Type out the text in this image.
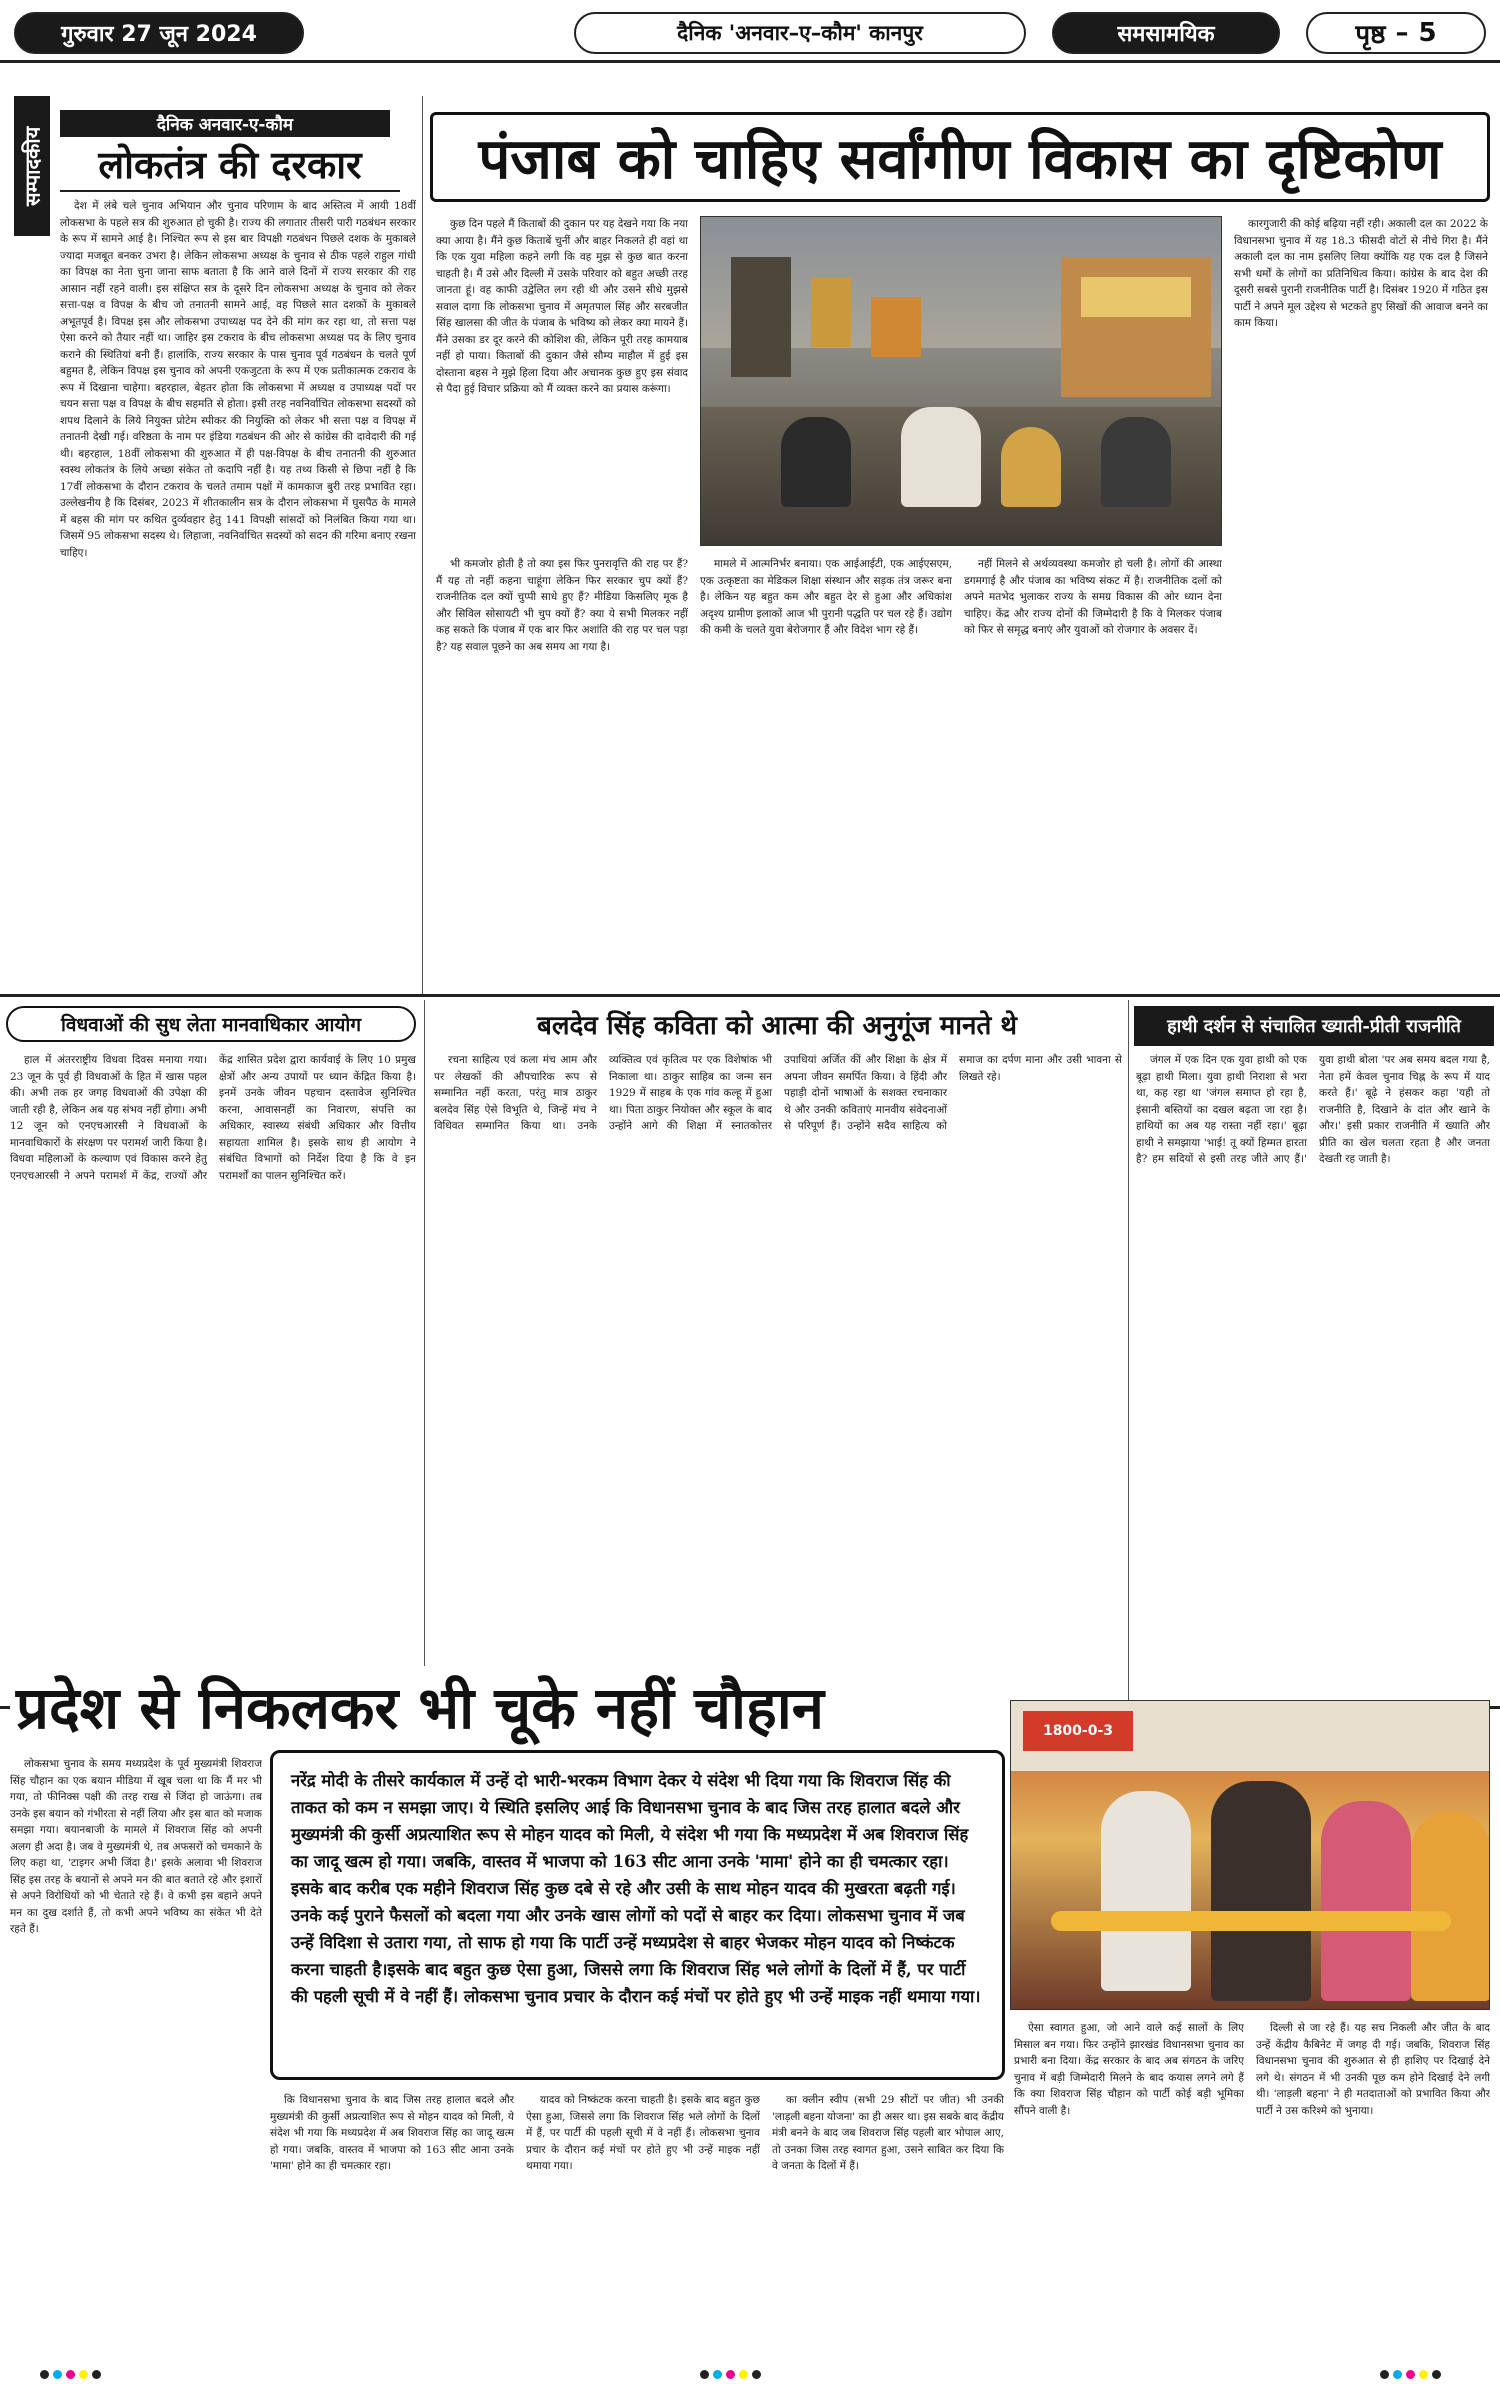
गुरुवार 27 जून 2024	दैनिक 'अनवार–ए–कौम' कानपुर	समसामयिक	पृष्ठ – 5
सम्पादकीय
दैनिक अनवार-ए-कौम
लोकतंत्र की दरकार

देश में लंबे चले चुनाव अभियान और चुनाव परिणाम के बाद अस्तित्व में आयी 18वीं लोकसभा के पहले सत्र की शुरुआत हो चुकी है। राज्य की लगातार तीसरी पारी गठबंधन सरकार के रूप में सामने आई है। निश्चित रूप से इस बार विपक्षी गठबंधन पिछले दशक के मुकाबले ज्यादा मजबूत बनकर उभरा है। लेकिन लोकसभा अध्यक्ष के चुनाव से ठीक पहले राहुल गांधी का विपक्ष का नेता चुना जाना साफ बताता है कि आने वाले दिनों में राज्य सरकार की राह आसान नहीं रहने वाली। इस संक्षिप्त सत्र के दूसरे दिन लोकसभा अध्यक्ष के चुनाव को लेकर सत्ता-पक्ष व विपक्ष के बीच जो तनातनी सामने आई, वह पिछले सात दशकों के मुकाबले अभूतपूर्व है। विपक्ष इस और लोकसभा उपाध्यक्ष पद देने की मांग कर रहा था, तो सत्ता पक्ष ऐसा करने को तैयार नहीं था। जाहिर इस टकराव के बीच लोकसभा अध्यक्ष पद के लिए चुनाव कराने की स्थितियां बनी हैं। हालांकि, राज्य सरकार के पास चुनाव पूर्व गठबंधन के चलते पूर्ण बहुमत है, लेकिन विपक्ष इस चुनाव को अपनी एकजुटता के रूप में एक प्रतीकात्मक टकराव के रूप में दिखाना चाहेगा। बहरहाल, बेहतर होता कि लोकसभा में अध्यक्ष व उपाध्यक्ष पदों पर चयन सत्ता पक्ष व विपक्ष के बीच सहमति से होता। इसी तरह नवनिर्वाचित लोकसभा सदस्यों को शपथ दिलाने के लिये नियुक्त प्रोटेम स्पीकर की नियुक्ति को लेकर भी सत्ता पक्ष व विपक्ष में तनातनी देखी गई। वरिष्ठता के नाम पर इंडिया गठबंधन की ओर से कांग्रेस की दावेदारी की गई थी। बहरहाल, 18वीं लोकसभा की शुरुआत में ही पक्ष-विपक्ष के बीच तनातनी की शुरुआत स्वस्थ लोकतंत्र के लिये अच्छा संकेत तो कदापि नहीं है। यह तथ्य किसी से छिपा नहीं है कि 17वीं लोकसभा के दौरान टकराव के चलते तमाम पक्षों में कामकाज बुरी तरह प्रभावित रहा। उल्लेखनीय है कि दिसंबर, 2023 में शीतकालीन सत्र के दौरान लोकसभा में घुसपैठ के मामले में बहस की मांग पर कथित दुर्व्यवहार हेतु 141 विपक्षी सांसदों को निलंबित किया गया था। जिसमें 95 लोकसभा सदस्य थे। लिहाजा, नवनिर्वाचित सदस्यों को सदन की गरिमा बनाए रखना चाहिए।

पंजाब को चाहिए सर्वांगीण विकास का दृष्टिकोण

कुछ दिन पहले मैं किताबों की दुकान पर यह देखने गया कि नया क्या आया है। मैंने कुछ किताबें चुनीं और बाहर निकलते ही वहां था कि एक युवा महिला कहने लगी कि वह मुझ से कुछ बात करना चाहती है। मैं उसे और दिल्ली में उसके परिवार को बहुत अच्छी तरह जानता हूं। वह काफी उद्वेलित लग रही थी और उसने सीधे मुझसे सवाल दागा कि लोकसभा चुनाव में अमृतपाल सिंह और सरबजीत सिंह खालसा की जीत के पंजाब के भविष्य को लेकर क्या मायने हैं। मैंने उसका डर दूर करने की कोशिश की, लेकिन पूरी तरह कामयाब नहीं हो पाया। किताबों की दुकान जैसे सौम्य माहौल में हुई इस दोस्ताना बहस ने मुझे हिला दिया और अचानक कुछ हुए इस संवाद से पैदा हुई विचार प्रक्रिया को मैं व्यक्त करने का प्रयास करूंगा।

कारगुजारी की कोई बढ़िया नहीं रही। अकाली दल का 2022 के विधानसभा चुनाव में यह 18.3 फीसदी वोटों से नीचे गिरा है। मैंने अकाली दल का नाम इसलिए लिया क्योंकि यह एक दल है जिसने सभी धर्मों के लोगों का प्रतिनिधित्व किया। कांग्रेस के बाद देश की दूसरी सबसे पुरानी राजनीतिक पार्टी है। दिसंबर 1920 में गठित इस पार्टी ने अपने मूल उद्देश्य से भटकते हुए सिखों की आवाज बनने का काम किया।

भी कमजोर होती है तो क्या इस फिर पुनरावृत्ति की राह पर हैं? मैं यह तो नहीं कहना चाहूंगा लेकिन फिर सरकार चुप क्यों हैं? राजनीतिक दल क्यों चुप्पी साधे हुए हैं? मीडिया किसलिए मूक है और सिविल सोसायटी भी चुप क्यों हैं? क्या ये सभी मिलकर नहीं कह सकते कि पंजाब में एक बार फिर अशांति की राह पर चल पड़ा है? यह सवाल पूछने का अब समय आ गया है।

मामले में आत्मनिर्भर बनाया। एक आईआईटी, एक आईएसएम, एक उत्कृष्टता का मेडिकल शिक्षा संस्थान और सड़क तंत्र जरूर बना है। लेकिन यह बहुत कम और बहुत देर से हुआ और अधिकांश अदृश्य ग्रामीण इलाकों आज भी पुरानी पद्धति पर चल रहे हैं। उद्योग की कमी के चलते युवा बेरोजगार हैं और विदेश भाग रहे हैं।

नहीं मिलने से अर्थव्यवस्था कमजोर हो चली है। लोगों की आस्था डगमगाई है और पंजाब का भविष्य संकट में है। राजनीतिक दलों को अपने मतभेद भुलाकर राज्य के समग्र विकास की ओर ध्यान देना चाहिए। केंद्र और राज्य दोनों की जिम्मेदारी है कि वे मिलकर पंजाब को फिर से समृद्ध बनाएं और युवाओं को रोजगार के अवसर दें।

विधवाओं की सुध लेता मानवाधिकार आयोग

हाल में अंतरराष्ट्रीय विधवा दिवस मनाया गया। 23 जून के पूर्व ही विधवाओं के हित में खास पहल की। अभी तक हर जगह विधवाओं की उपेक्षा की जाती रही है, लेकिन अब यह संभव नहीं होगा। अभी 12 जून को एनएचआरसी ने विधवाओं के मानवाधिकारों के संरक्षण पर परामर्श जारी किया है। विधवा महिलाओं के कल्याण एवं विकास करने हेतु एनएचआरसी ने अपने परामर्श में केंद्र, राज्यों और केंद्र शासित प्रदेश द्वारा कार्यवाई के लिए 10 प्रमुख क्षेत्रों और अन्य उपायों पर ध्यान केंद्रित किया है। इनमें उनके जीवन पहचान दस्तावेज सुनिश्चित करना, आवासनहीं का निवारण, संपत्ति का अधिकार, स्वास्थ्य संबंधी अधिकार और वित्तीय सहायता शामिल है। इसके साथ ही आयोग ने संबंधित विभागों को निर्देश दिया है कि वे इन परामर्शों का पालन सुनिश्चित करें।

बलदेव सिंह कविता को आत्मा की अनुगूंज मानते थे

रचना साहित्य एवं कला मंच आम और पर लेखकों की औपचारिक रूप से सम्मानित नहीं करता, परंतु मात्र ठाकुर बलदेव सिंह ऐसे विभूति थे, जिन्हें मंच ने विधिवत सम्मानित किया था। उनके व्यक्तित्व एवं कृतित्व पर एक विशेषांक भी निकाला था। ठाकुर साहिब का जन्म सन 1929 में साहब के एक गांव कल्हू में हुआ था। पिता ठाकुर नियोक्त और स्कूल के बाद उन्होंने आगे की शिक्षा में स्नातकोत्तर उपाधियां अर्जित कीं और शिक्षा के क्षेत्र में अपना जीवन समर्पित किया। वे हिंदी और पहाड़ी दोनों भाषाओं के सशक्त रचनाकार थे और उनकी कविताएं मानवीय संवेदनाओं से परिपूर्ण हैं। उन्होंने सदैव साहित्य को समाज का दर्पण माना और उसी भावना से लिखते रहे।

हाथी दर्शन से संचालित ख्याती-प्रीती राजनीति

जंगल में एक दिन एक युवा हाथी को एक बूढ़ा हाथी मिला। युवा हाथी निराशा से भरा था, कह रहा था 'जंगल समाप्त हो रहा है, इंसानी बस्तियों का दखल बढ़ता जा रहा है। हाथियों का अब यह रास्ता नहीं रहा।' बूढ़ा हाथी ने समझाया 'भाई! तू क्यों हिम्मत हारता है? हम सदियों से इसी तरह जीते आए हैं।' युवा हाथी बोला 'पर अब समय बदल गया है, नेता हमें केवल चुनाव चिह्न के रूप में याद करते हैं।' बूढ़े ने हंसकर कहा 'यही तो राजनीति है, दिखाने के दांत और खाने के और।' इसी प्रकार राजनीति में ख्याति और प्रीति का खेल चलता रहता है और जनता देखती रह जाती है।

प्रदेश से निकलकर भी चूके नहीं चौहान

लोकसभा चुनाव के समय मध्यप्रदेश के पूर्व मुख्यमंत्री शिवराज सिंह चौहान का एक बयान मीडिया में खूब चला था कि मैं मर भी गया, तो फीनिक्स पक्षी की तरह राख से जिंदा हो जाऊंगा। तब उनके इस बयान को गंभीरता से नहीं लिया और इस बात को मजाक समझा गया। बयानबाजी के मामले में शिवराज सिंह को अपनी अलग ही अदा है। जब वे मुख्यमंत्री थे, तब अफसरों को चमकाने के लिए कहा था, 'टाइगर अभी जिंदा है।' इसके अलावा भी शिवराज सिंह इस तरह के बयानों से अपने मन की बात बताते रहे और इशारों से अपने विरोधियों को भी चेताते रहे हैं। वे कभी इस बहाने अपने मन का दुख दर्शाते हैं, तो कभी अपने भविष्य का संकेत भी देते रहते हैं।

नरेंद्र मोदी के तीसरे कार्यकाल में उन्हें दो भारी-भरकम विभाग देकर ये संदेश भी दिया गया कि शिवराज सिंह की ताकत को कम न समझा जाए। ये स्थिति इसलिए आई कि विधानसभा चुनाव के बाद जिस तरह हालात बदले और मुख्यमंत्री की कुर्सी अप्रत्याशित रूप से मोहन यादव को मिली, ये संदेश भी गया कि मध्यप्रदेश में अब शिवराज सिंह का जादू खत्म हो गया। जबकि, वास्तव में भाजपा को 163 सीट आना उनके 'मामा' होने का ही चमत्कार रहा। इसके बाद करीब एक महीने शिवराज सिंह कुछ दबे से रहे और उसी के साथ मोहन यादव की मुखरता बढ़ती गई। उनके कई पुराने फैसलों को बदला गया और उनके खास लोगों को पदों से बाहर कर दिया। लोकसभा चुनाव में जब उन्हें विदिशा से उतारा गया, तो साफ हो गया कि पार्टी उन्हें मध्यप्रदेश से बाहर भेजकर मोहन यादव को निष्कंटक करना चाहती है।इसके बाद बहुत कुछ ऐसा हुआ, जिससे लगा कि शिवराज सिंह भले लोगों के दिलों में हैं, पर पार्टी की पहली सूची में वे नहीं हैं। लोकसभा चुनाव प्रचार के दौरान कई मंचों पर होते हुए भी उन्हें माइक नहीं थमाया गया।
1800-0-3

कि विधानसभा चुनाव के बाद जिस तरह हालात बदले और मुख्यमंत्री की कुर्सी अप्रत्याशित रूप से मोहन यादव को मिली, ये संदेश भी गया कि मध्यप्रदेश में अब शिवराज सिंह का जादू खत्म हो गया। जबकि, वास्तव में भाजपा को 163 सीट आना उनके 'मामा' होने का ही चमत्कार रहा।

यादव को निष्कंटक करना चाहती है। इसके बाद बहुत कुछ ऐसा हुआ, जिससे लगा कि शिवराज सिंह भले लोगों के दिलों में हैं, पर पार्टी की पहली सूची में वे नहीं हैं। लोकसभा चुनाव प्रचार के दौरान कई मंचों पर होते हुए भी उन्हें माइक नहीं थमाया गया।

का क्लीन स्वीप (सभी 29 सीटों पर जीत) भी उनकी 'लाड़ली बहना योजना' का ही असर था। इस सबके बाद केंद्रीय मंत्री बनने के बाद जब शिवराज सिंह पहली बार भोपाल आए, तो उनका जिस तरह स्वागत हुआ, उसने साबित कर दिया कि वे जनता के दिलों में हैं।

ऐसा स्वागत हुआ, जो आने वाले कई सालों के लिए मिसाल बन गया। फिर उन्होंने झारखंड विधानसभा चुनाव का प्रभारी बना दिया। केंद्र सरकार के बाद अब संगठन के जरिए चुनाव में बड़ी जिम्मेदारी मिलने के बाद कयास लगने लगे हैं कि क्या शिवराज सिंह चौहान को पार्टी कोई बड़ी भूमिका सौंपने वाली है।

दिल्ली से जा रहे हैं। यह सच निकली और जीत के बाद उन्हें केंद्रीय कैबिनेट में जगह दी गई। जबकि, शिवराज सिंह विधानसभा चुनाव की शुरुआत से ही हाशिए पर दिखाई देने लगे थे। संगठन में भी उनकी पूछ कम होने दिखाई देने लगी थी। 'लाड़ली बहना' ने ही मतदाताओं को प्रभावित किया और पार्टी ने उस करिश्मे को भुनाया।
